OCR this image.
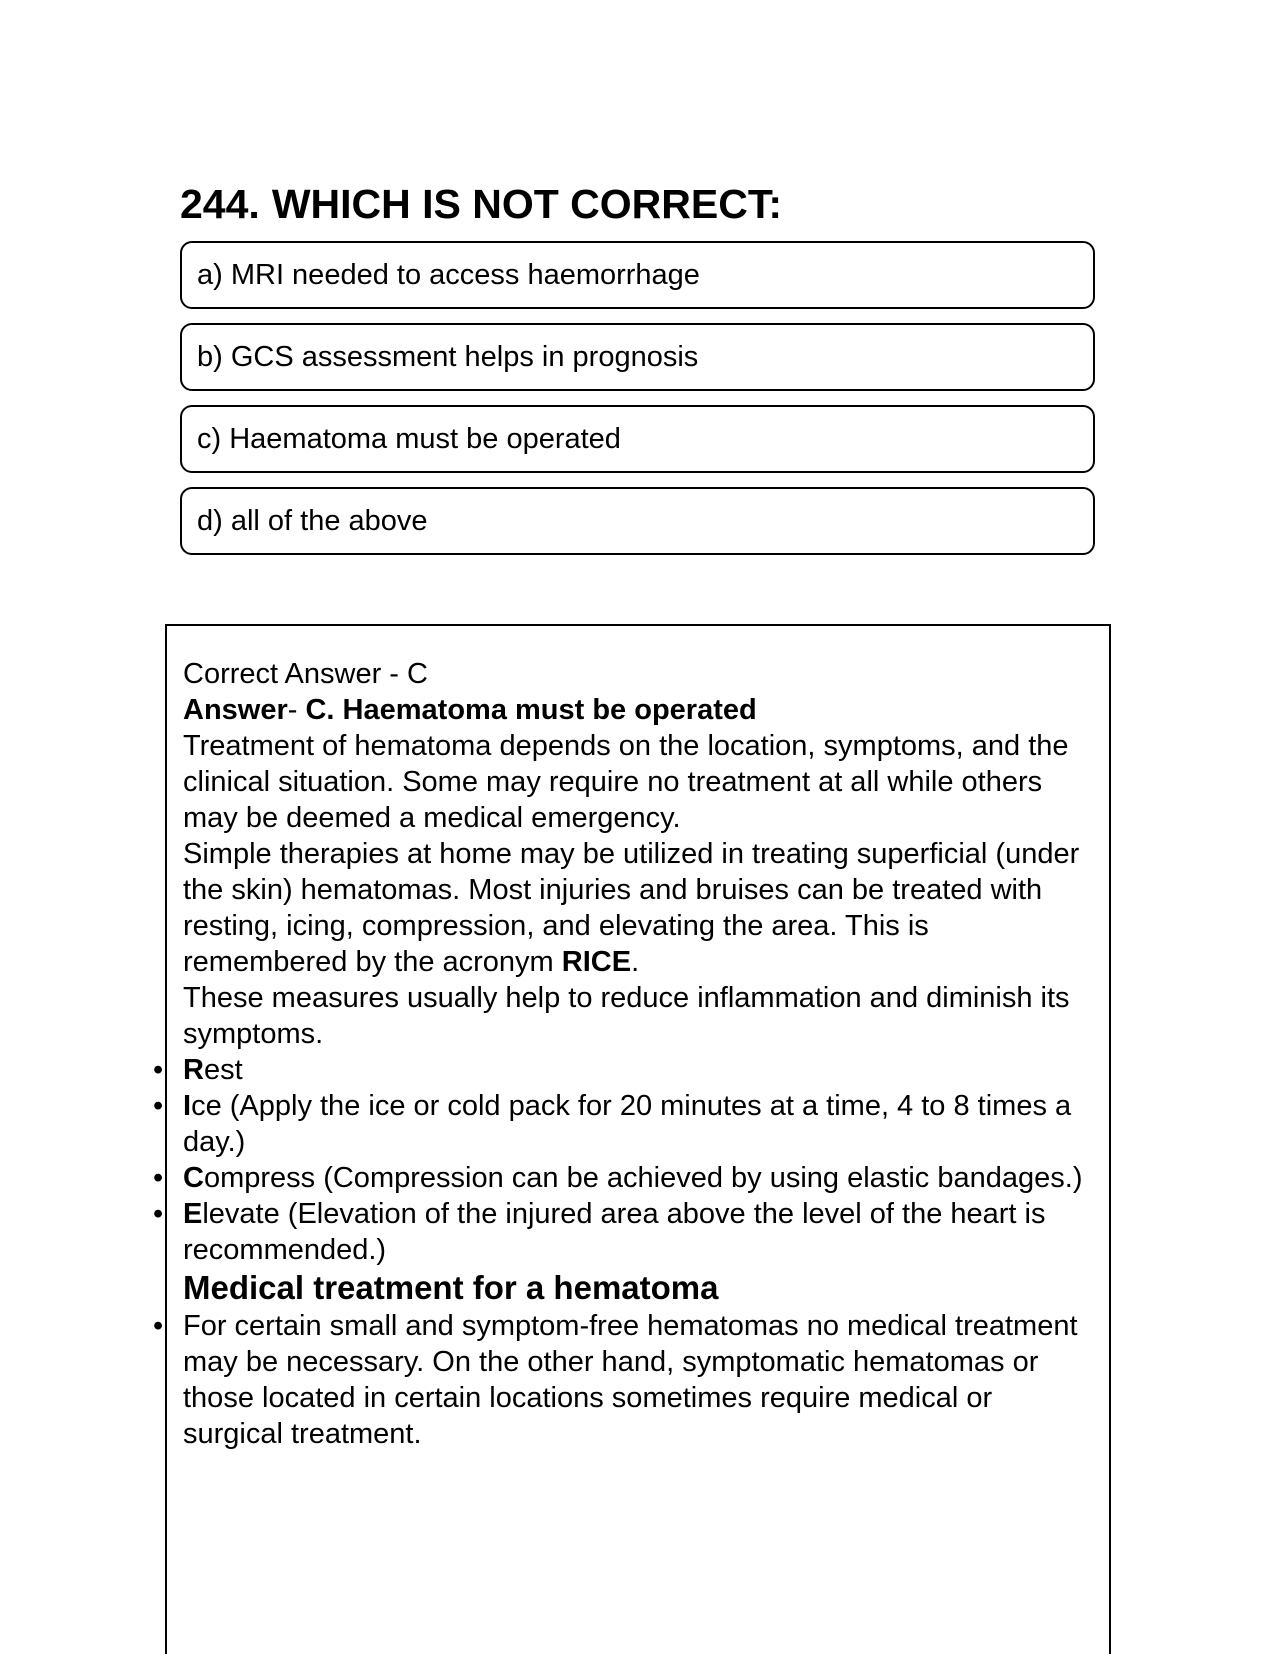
244. WHICH IS NOT CORRECT:
a) MRI needed to access haemorrhage
b) GCS assessment helps in prognosis
c) Haematoma must be operated
d) all of the above

Correct Answer - C

Answer- C. Haematoma must be operated

Treatment of hematoma depends on the location, symptoms, and the clinical situation. Some may require no treatment at all while others may be deemed a medical emergency.

Simple therapies at home may be utilized in treating superficial (under the skin) hematomas. Most injuries and bruises can be treated with resting, icing, compression, and elevating the area. This is remembered by the acronym RICE.

These measures usually help to reduce inflammation and diminish its symptoms.

• Rest
• Ice (Apply the ice or cold pack for 20 minutes at a time, 4 to 8 times a day.)
• Compress (Compression can be achieved by using elastic bandages.)
• Elevate (Elevation of the injured area above the level of the heart is recommended.)
Medical treatment for a hematoma
• For certain small and symptom-free hematomas no medical treatment may be necessary. On the other hand, symptomatic hematomas or those located in certain locations sometimes require medical or surgical treatment.
